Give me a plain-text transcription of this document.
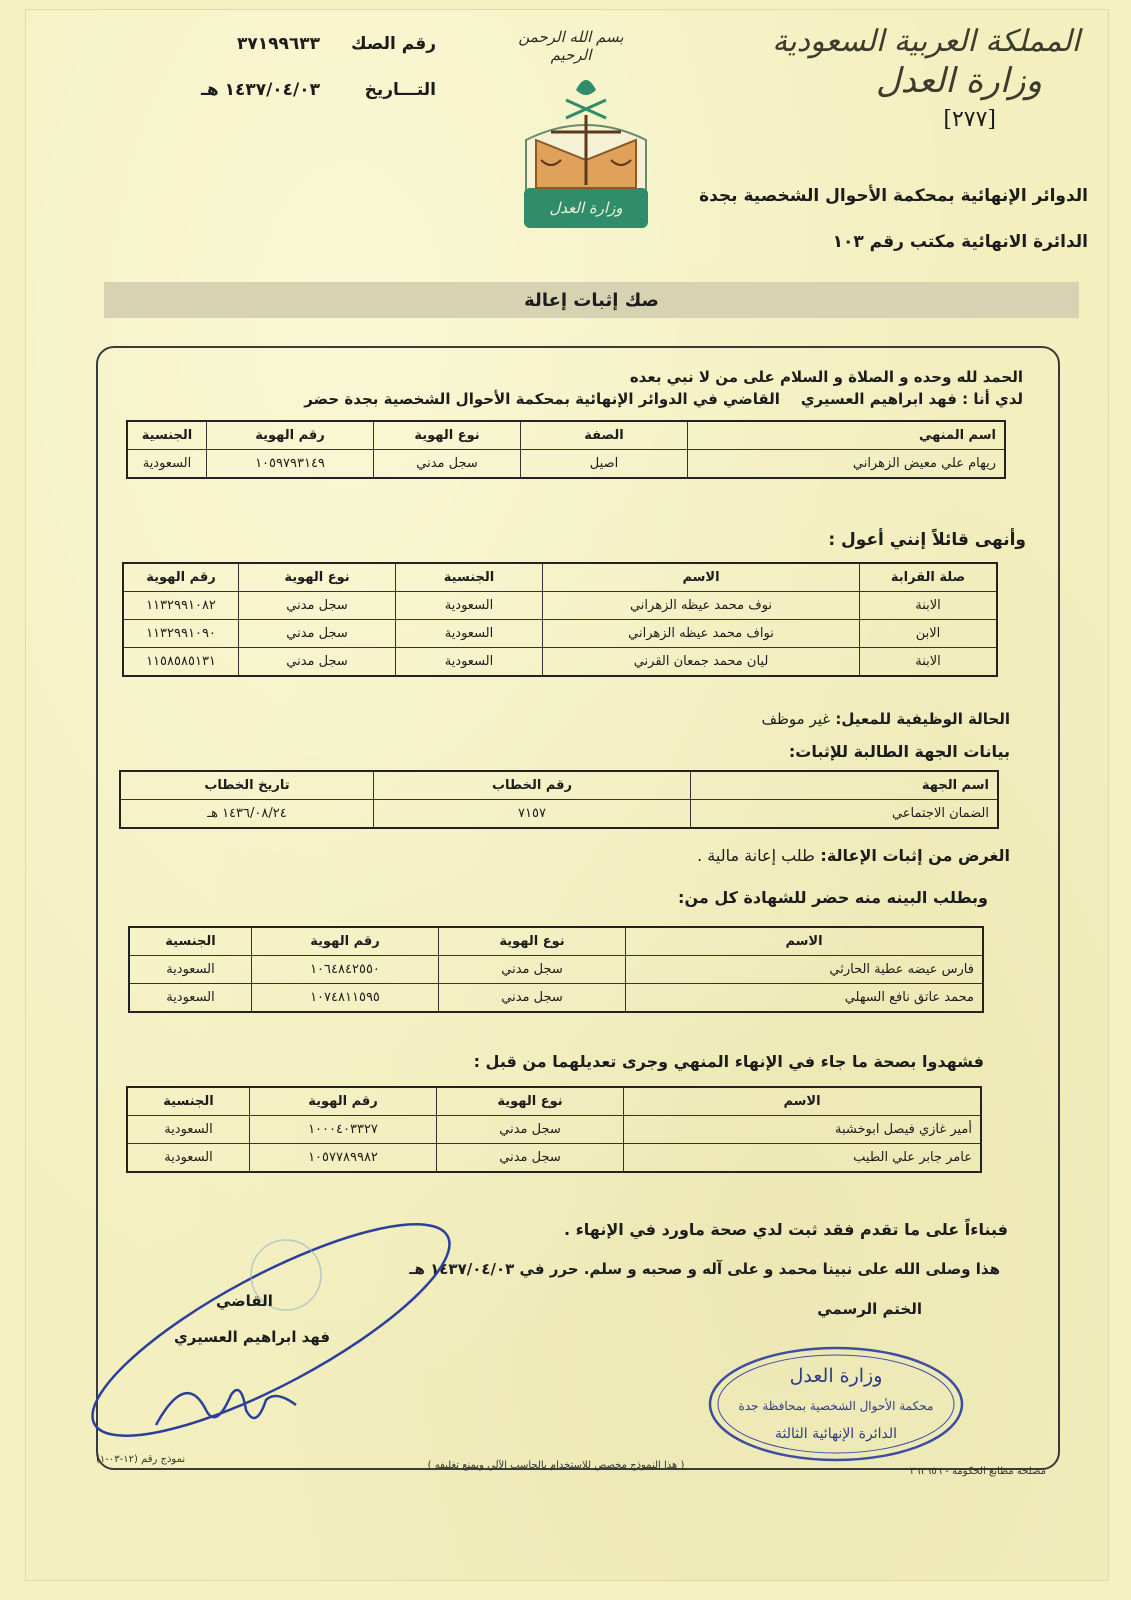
المملكة العربية السعودية
وزارة العدل
[٢٧٧]
الدوائر الإنهائية بمحكمة الأحوال الشخصية بجدة
الدائرة الانهائية مكتب رقم ١٠٣
بسم الله الرحمن الرحيم
وزارة العدل
رقم الصك
٣٧١٩٩٦٣٣
التـــاريخ
١٤٣٧/٠٤/٠٣ هـ
صك إثبات إعالة
الحمد لله وحده و الصلاة و السلام على من لا نبي بعده
لدي أنا : فهد ابراهيم العسيري    القاضي في الدوائر الإنهائية بمحكمة الأحوال الشخصية بجدة حضر
اسم المنهي	الصفة	نوع الهوية	رقم الهوية	الجنسية
ريهام علي معيض الزهراني	اصيل	سجل مدني	١٠٥٩٧٩٣١٤٩	السعودية
وأنهى قائلاً إنني أعول :
صلة القرابة	الاسم	الجنسية	نوع الهوية	رقم الهوية
الابنة	نوف محمد عيظه الزهراني	السعودية	سجل مدني	١١٣٢٩٩١٠٨٢
الابن	نواف محمد عيظه الزهراني	السعودية	سجل مدني	١١٣٢٩٩١٠٩٠
الابنة	ليان محمد جمعان القرني	السعودية	سجل مدني	١١٥٨٥٨٥١٣١
الحالة الوظيفية للمعيل: غير موظف
بيانات الجهة الطالبة للإثبات:
اسم الجهة	رقم الخطاب	تاريخ الخطاب
الضمان الاجتماعي	٧١٥٧	١٤٣٦/٠٨/٢٤ هـ
الغرض من إثبات الإعالة: طلب إعانة مالية .
وبطلب البينه منه حضر للشهادة كل من:
الاسم	نوع الهوية	رقم الهوية	الجنسية
فارس عيضه عطية الحارثي	سجل مدني	١٠٦٤٨٤٢٥٥٠	السعودية
محمد عاتق نافع السهلي	سجل مدني	١٠٧٤٨١١٥٩٥	السعودية
فشهدوا بصحة ما جاء في الإنهاء المنهي وجرى تعديلهما من قبل :
الاسم	نوع الهوية	رقم الهوية	الجنسية
أمير غازي فيصل ابوخشبة	سجل مدني	١٠٠٠٤٠٣٣٢٧	السعودية
عامر جابر علي الطيب	سجل مدني	١٠٥٧٧٨٩٩٨٢	السعودية
فبناءاً على ما تقدم فقد ثبت لدي صحة ماورد في الإنهاء .
هذا وصلى الله على نبينا محمد و على آله و صحبه و سلم. حرر في ١٤٣٧/٠٤/٠٣ هـ
الختم الرسمي
القاضي
فهد ابراهيم العسيري
وزارة العدل
محكمة الأحوال الشخصية بمحافظة جدة
الدائرة الإنهائية الثالثة
نموذج رقم (١٢-٠٣-١)
( هذا النموذج مخصص للاستخدام بالحاسب الآلي ويمنع تغليفه )
مصلحة مطابع الحكومة - ٣٦٢٦٥٦
